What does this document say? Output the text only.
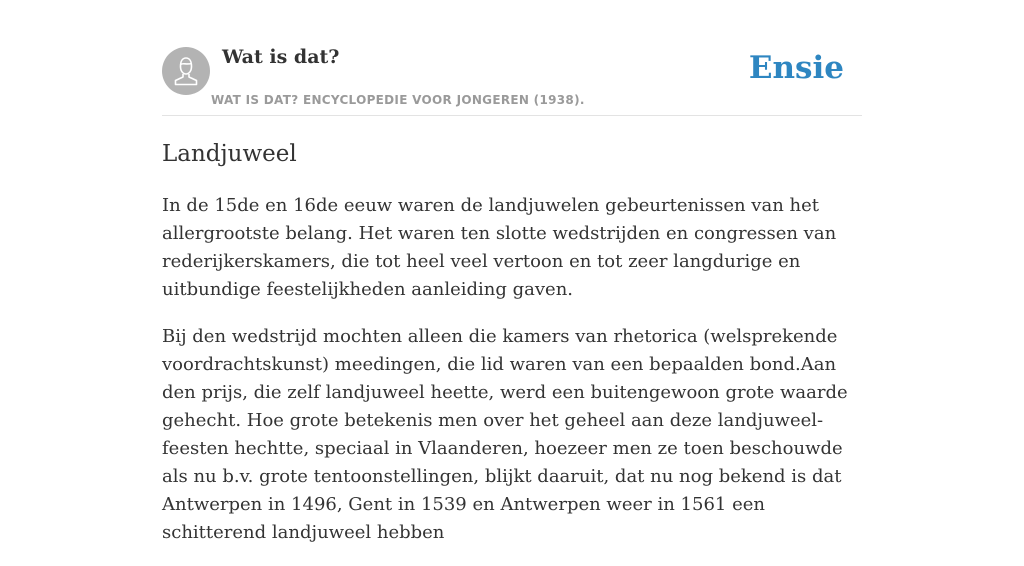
Wat is dat?
WAT IS DAT? ENCYCLOPEDIE VOOR JONGEREN (1938).
Ensie
Landjuweel

In de 15de en 16de eeuw waren de landjuwelen gebeurtenissen van het allergrootste belang. Het waren ten slotte wedstrijden en congressen van rederijkerskamers, die tot heel veel vertoon en tot zeer langdurige en uitbundige feestelijkheden aanleiding gaven.

Bij den wedstrijd mochten alleen die kamers van rhetorica (welsprekende voordrachtskunst) meedingen, die lid waren van een bepaalden bond.Aan den prijs, die zelf landjuweel heette, werd een buitengewoon grote waarde gehecht. Hoe grote betekenis men over het geheel aan deze landjuweel-feesten hechtte, speciaal in Vlaanderen, hoezeer men ze toen beschouwde als nu b.v. grote tentoonstellingen, blijkt daaruit, dat nu nog bekend is dat Antwerpen in 1496, Gent in 1539 en Antwerpen weer in 1561 een schitterend landjuweel hebben
